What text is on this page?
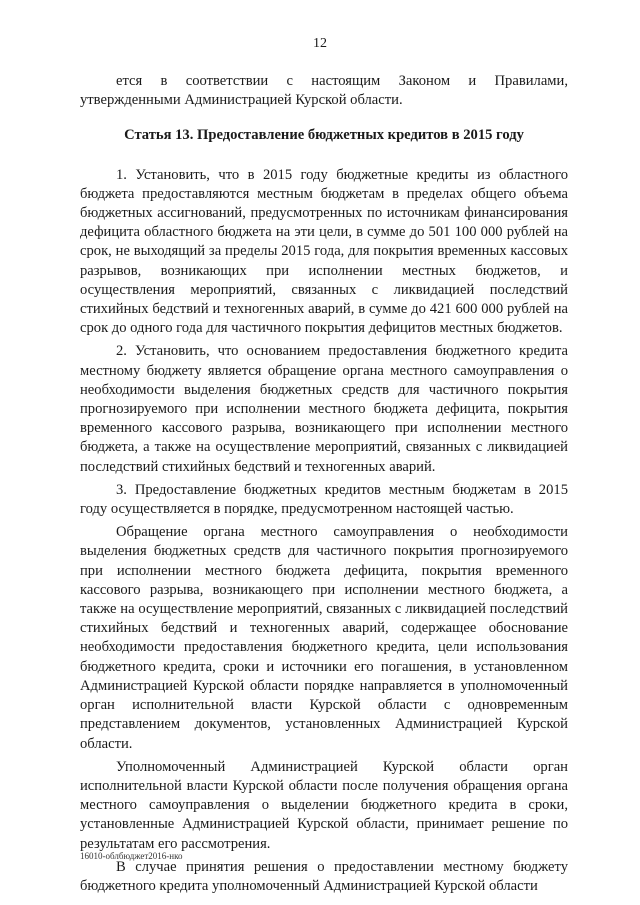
12

ется в соответствии с настоящим Законом и Правилами, утвержденными Администрацией Курской области.

Статья 13. Предоставление бюджетных кредитов в 2015 году

1. Установить, что в 2015 году бюджетные кредиты из областного бюджета предоставляются местным бюджетам в пределах общего объема бюджетных ассигнований, предусмотренных по источникам финансирования дефицита областного бюджета на эти цели, в сумме до 501 100 000 рублей на срок, не выходящий за пределы 2015 года, для покрытия временных кассовых разрывов, возникающих при исполнении местных бюджетов, и осуществления мероприятий, связанных с ликвидацией последствий стихийных бедствий и техногенных аварий, в сумме до 421 600 000 рублей на срок до одного года для частичного покрытия дефицитов местных бюджетов.

2. Установить, что основанием предоставления бюджетного кредита местному бюджету является обращение органа местного самоуправления о необходимости выделения бюджетных средств для частичного покрытия прогнозируемого при исполнении местного бюджета дефицита, покрытия временного кассового разрыва, возникающего при исполнении местного бюджета, а также на осуществление мероприятий, связанных с ликвидацией последствий стихийных бедствий и техногенных аварий.

3. Предоставление бюджетных кредитов местным бюджетам в 2015 году осуществляется в порядке, предусмотренном настоящей частью.

Обращение органа местного самоуправления о необходимости выделения бюджетных средств для частичного покрытия прогнозируемого при исполнении местного бюджета дефицита, покрытия временного кассового разрыва, возникающего при исполнении местного бюджета, а также на осуществление мероприятий, связанных с ликвидацией последствий стихийных бедствий и техногенных аварий, содержащее обоснование необходимости предоставления бюджетного кредита, цели использования бюджетного кредита, сроки и источники его погашения, в установленном Администрацией Курской области порядке направляется в уполномоченный орган исполнительной власти Курской области с одновременным представлением документов, установленных Администрацией Курской области.

Уполномоченный Администрацией Курской области орган исполнительной власти Курской области после получения обращения органа местного самоуправления о выделении бюджетного кредита в сроки, установленные Администрацией Курской области, принимает решение по результатам его рассмотрения.

В случае принятия решения о предоставлении местному бюджету бюджетного кредита уполномоченный Администрацией Курской области

16010-облбюджет2016-нко
